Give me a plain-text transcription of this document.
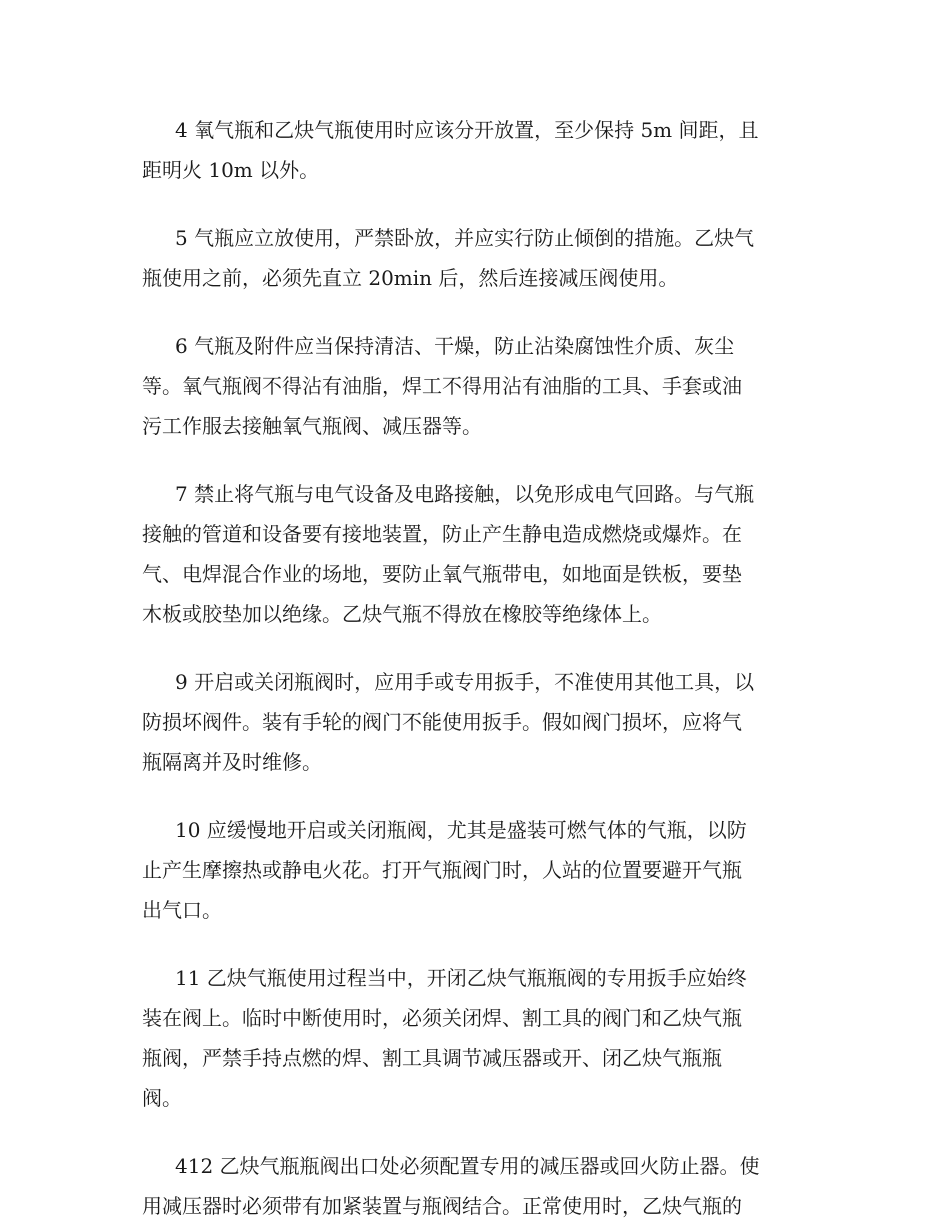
4 氧气瓶和乙炔气瓶使用时应该分开放置，至少保持 5m 间距，且
距明火 10m 以外。
5 气瓶应立放使用，严禁卧放，并应实行防止倾倒的措施。乙炔气
瓶使用之前，必须先直立 20min 后，然后连接减压阀使用。
6 气瓶及附件应当保持清洁、干燥，防止沾染腐蚀性介质、灰尘
等。氧气瓶阀不得沾有油脂，焊工不得用沾有油脂的工具、手套或油
污工作服去接触氧气瓶阀、减压器等。
7 禁止将气瓶与电气设备及电路接触，以免形成电气回路。与气瓶
接触的管道和设备要有接地装置，防止产生静电造成燃烧或爆炸。在
气、电焊混合作业的场地，要防止氧气瓶带电，如地面是铁板，要垫
木板或胶垫加以绝缘。乙炔气瓶不得放在橡胶等绝缘体上。
9 开启或关闭瓶阀时，应用手或专用扳手，不准使用其他工具，以
防损坏阀件。装有手轮的阀门不能使用扳手。假如阀门损坏，应将气
瓶隔离并及时维修。
10 应缓慢地开启或关闭瓶阀，尤其是盛装可燃气体的气瓶，以防
止产生摩擦热或静电火花。打开气瓶阀门时，人站的位置要避开气瓶
出气口。
11 乙炔气瓶使用过程当中，开闭乙炔气瓶瓶阀的专用扳手应始终
装在阀上。临时中断使用时，必须关闭焊、割工具的阀门和乙炔气瓶
瓶阀，严禁手持点燃的焊、割工具调节减压器或开、闭乙炔气瓶瓶
阀。
412 乙炔气瓶瓶阀出口处必须配置专用的减压器或回火防止器。使
用减压器时必须带有加紧装置与瓶阀结合。正常使用时，乙炔气瓶的
